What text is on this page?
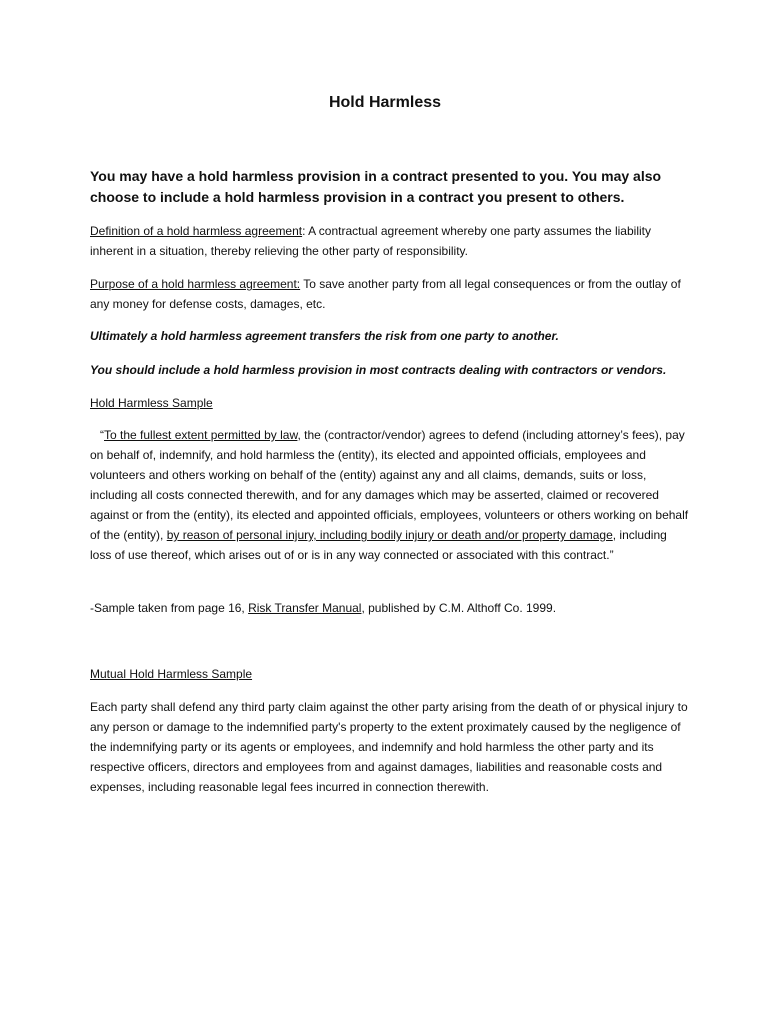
Hold Harmless
You may have a hold harmless provision in a contract presented to you. You may also choose to include a hold harmless provision in a contract you present to others.
Definition of a hold harmless agreement: A contractual agreement whereby one party assumes the liability inherent in a situation, thereby relieving the other party of responsibility.
Purpose of a hold harmless agreement: To save another party from all legal consequences or from the outlay of any money for defense costs, damages, etc.
Ultimately a hold harmless agreement transfers the risk from one party to another.
You should include a hold harmless provision in most contracts dealing with contractors or vendors.
Hold Harmless Sample
“To the fullest extent permitted by law, the (contractor/vendor) agrees to defend (including attorney’s fees), pay on behalf of, indemnify, and hold harmless the (entity), its elected and appointed officials, employees and volunteers and others working on behalf of the (entity) against any and all claims, demands, suits or loss, including all costs connected therewith, and for any damages which may be asserted, claimed or recovered against or from the (entity), its elected and appointed officials, employees, volunteers or others working on behalf of the (entity), by reason of personal injury, including bodily injury or death and/or property damage, including loss of use thereof, which arises out of or is in any way connected or associated with this contract.”
-Sample taken from page 16, Risk Transfer Manual, published by C.M. Althoff Co. 1999.
Mutual Hold Harmless Sample
Each party shall defend any third party claim against the other party arising from the death of or physical injury to any person or damage to the indemnified party's property to the extent proximately caused by the negligence of the indemnifying party or its agents or employees, and indemnify and hold harmless the other party and its respective officers, directors and employees from and against damages, liabilities and reasonable costs and expenses, including reasonable legal fees incurred in connection therewith.
